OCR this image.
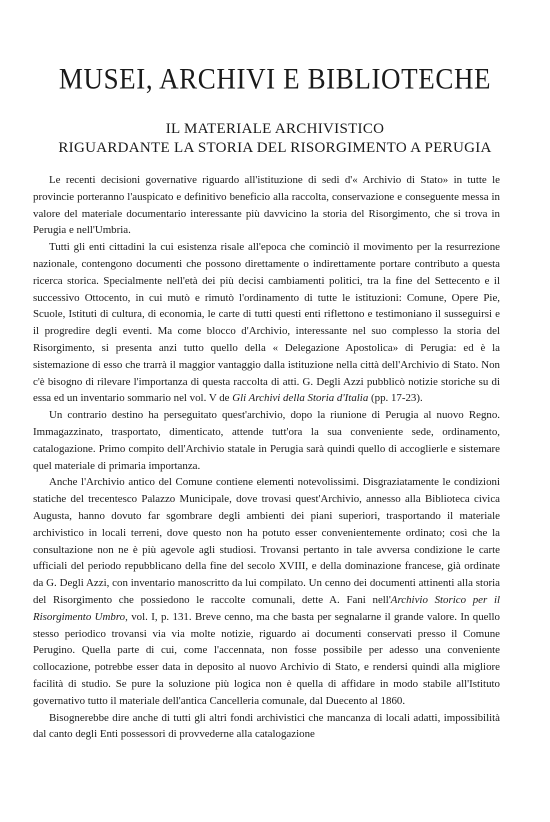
MUSEI, ARCHIVI E BIBLIOTECHE
IL MATERIALE ARCHIVISTICO
RIGUARDANTE LA STORIA DEL RISORGIMENTO A PERUGIA

Le recenti decisioni governative riguardo all'istituzione di sedi d'« Archivio di Stato» in tutte le provincie porteranno l'auspicato e definitivo beneficio alla raccolta, conservazione e conseguente messa in valore del materiale documentario interessante più davvicino la storia del Risorgimento, che si trova in Perugia e nell'Umbria.

Tutti gli enti cittadini la cui esistenza risale all'epoca che cominciò il movimento per la resurrezione nazionale, contengono documenti che possono direttamente o indirettamente portare contributo a questa ricerca storica. Specialmente nell'età dei più decisi cambiamenti politici, tra la fine del Settecento e il successivo Ottocento, in cui mutò e rimutò l'ordinamento di tutte le istituzioni: Comune, Opere Pie, Scuole, Istituti di cultura, di economia, le carte di tutti questi enti riflettono e testimoniano il susseguirsi e il progredire degli eventi. Ma come blocco d'Archivio, interessante nel suo complesso la storia del Risorgimento, si presenta anzi tutto quello della « Delegazione Apostolica» di Perugia: ed è la sistemazione di esso che trarrà il maggior vantaggio dalla istituzione nella città dell'Archivio di Stato. Non c'è bisogno di rilevare l'importanza di questa raccolta di atti. G. Degli Azzi pubblicò notizie storiche su di essa ed un inventario sommario nel vol. V de Gli Archivi della Storia d'Italia (pp. 17-23).

Un contrario destino ha perseguitato quest'archivio, dopo la riunione di Perugia al nuovo Regno. Immagazzinato, trasportato, dimenticato, attende tutt'ora la sua conveniente sede, ordinamento, catalogazione. Primo compito dell'Archivio statale in Perugia sarà quindi quello di accoglierle e sistemare quel materiale di primaria importanza.

Anche l'Archivio antico del Comune contiene elementi notevolissimi. Disgraziatamente le condizioni statiche del trecentesco Palazzo Municipale, dove trovasi quest'Archivio, annesso alla Biblioteca civica Augusta, hanno dovuto far sgombrare degli ambienti dei piani superiori, trasportando il materiale archivistico in locali terreni, dove questo non ha potuto esser convenientemente ordinato; così che la consultazione non ne è più agevole agli studiosi. Trovansi pertanto in tale avversa condizione le carte ufficiali del periodo repubblicano della fine del secolo XVIII, e della dominazione francese, già ordinate da G. Degli Azzi, con inventario manoscritto da lui compilato. Un cenno dei documenti attinenti alla storia del Risorgimento che possiedono le raccolte comunali, dette A. Fani nell'Archivio Storico per il Risorgimento Umbro, vol. I, p. 131. Breve cenno, ma che basta per segnalarne il grande valore. In quello stesso periodico trovansi via via molte notizie, riguardo ai documenti conservati presso il Comune Perugino. Quella parte di cui, come l'accennata, non fosse possibile per adesso una conveniente collocazione, potrebbe esser data in deposito al nuovo Archivio di Stato, e rendersi quindi alla migliore facilità di studio. Se pure la soluzione più logica non è quella di affidare in modo stabile all'Istituto governativo tutto il materiale dell'antica Cancelleria comunale, dal Duecento al 1860.

Bisognerebbe dire anche di tutti gli altri fondi archivistici che mancanza di locali adatti, impossibilità dal canto degli Enti possessori di provvederne alla catalogazione
